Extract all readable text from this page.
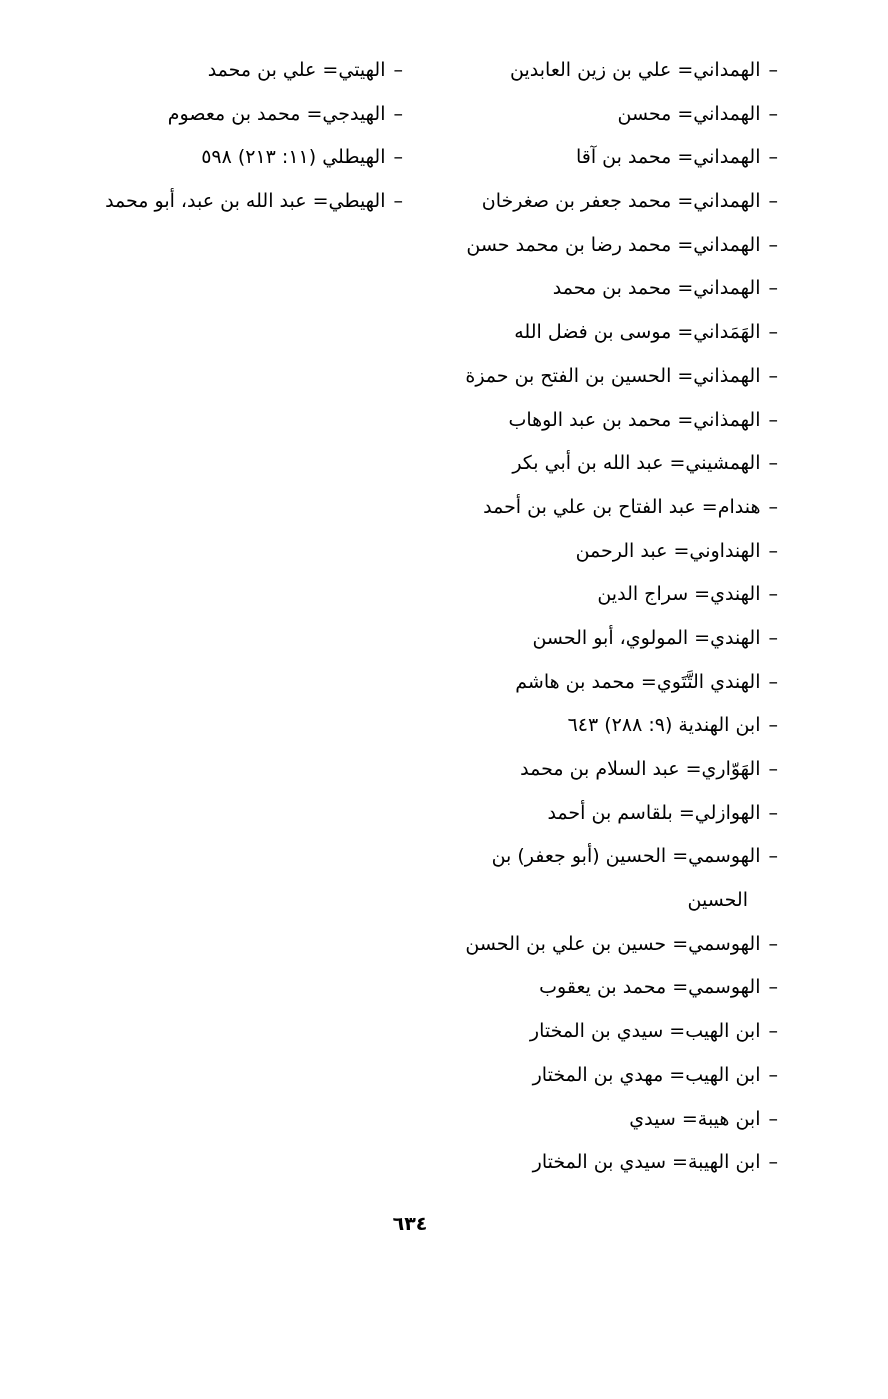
–الهمداني= علي بن زين العابدين
–الهمداني= محسن
–الهمداني= محمد بن آقا
–الهمداني= محمد جعفر بن صغرخان
–الهمداني= محمد رضا بن محمد حسن
–الهمداني= محمد بن محمد
–الهَمَداني= موسى بن فضل الله
–الهمذاني= الحسين بن الفتح بن حمزة
–الهمذاني= محمد بن عبد الوهاب
–الهمشيني= عبد الله بن أبي بكر
–هندام= عبد الفتاح بن علي بن أحمد
–الهنداوني= عبد الرحمن
–الهندي= سراج الدين
–الهندي= المولوي، أبو الحسن
–الهندي التَّتَوي= محمد بن هاشم
–ابن الهندية (٩: ٢٨٨) ٦٤٣
–الهَوّاري= عبد السلام بن محمد
–الهوازلي= بلقاسم بن أحمد
–الهوسمي= الحسين (أبو جعفر) بن
الحسين
–الهوسمي= حسين بن علي بن الحسن
–الهوسمي= محمد بن يعقوب
–ابن الهيب= سيدي بن المختار
–ابن الهيب= مهدي بن المختار
–ابن هيبة= سيدي
–ابن الهيبة= سيدي بن المختار
–الهيتي= علي بن محمد
–الهيدجي= محمد بن معصوم
–الهيطلي (١١: ٢١٣) ٥٩٨
–الهيطي= عبد الله بن عبد، أبو محمد
٦٣٤
